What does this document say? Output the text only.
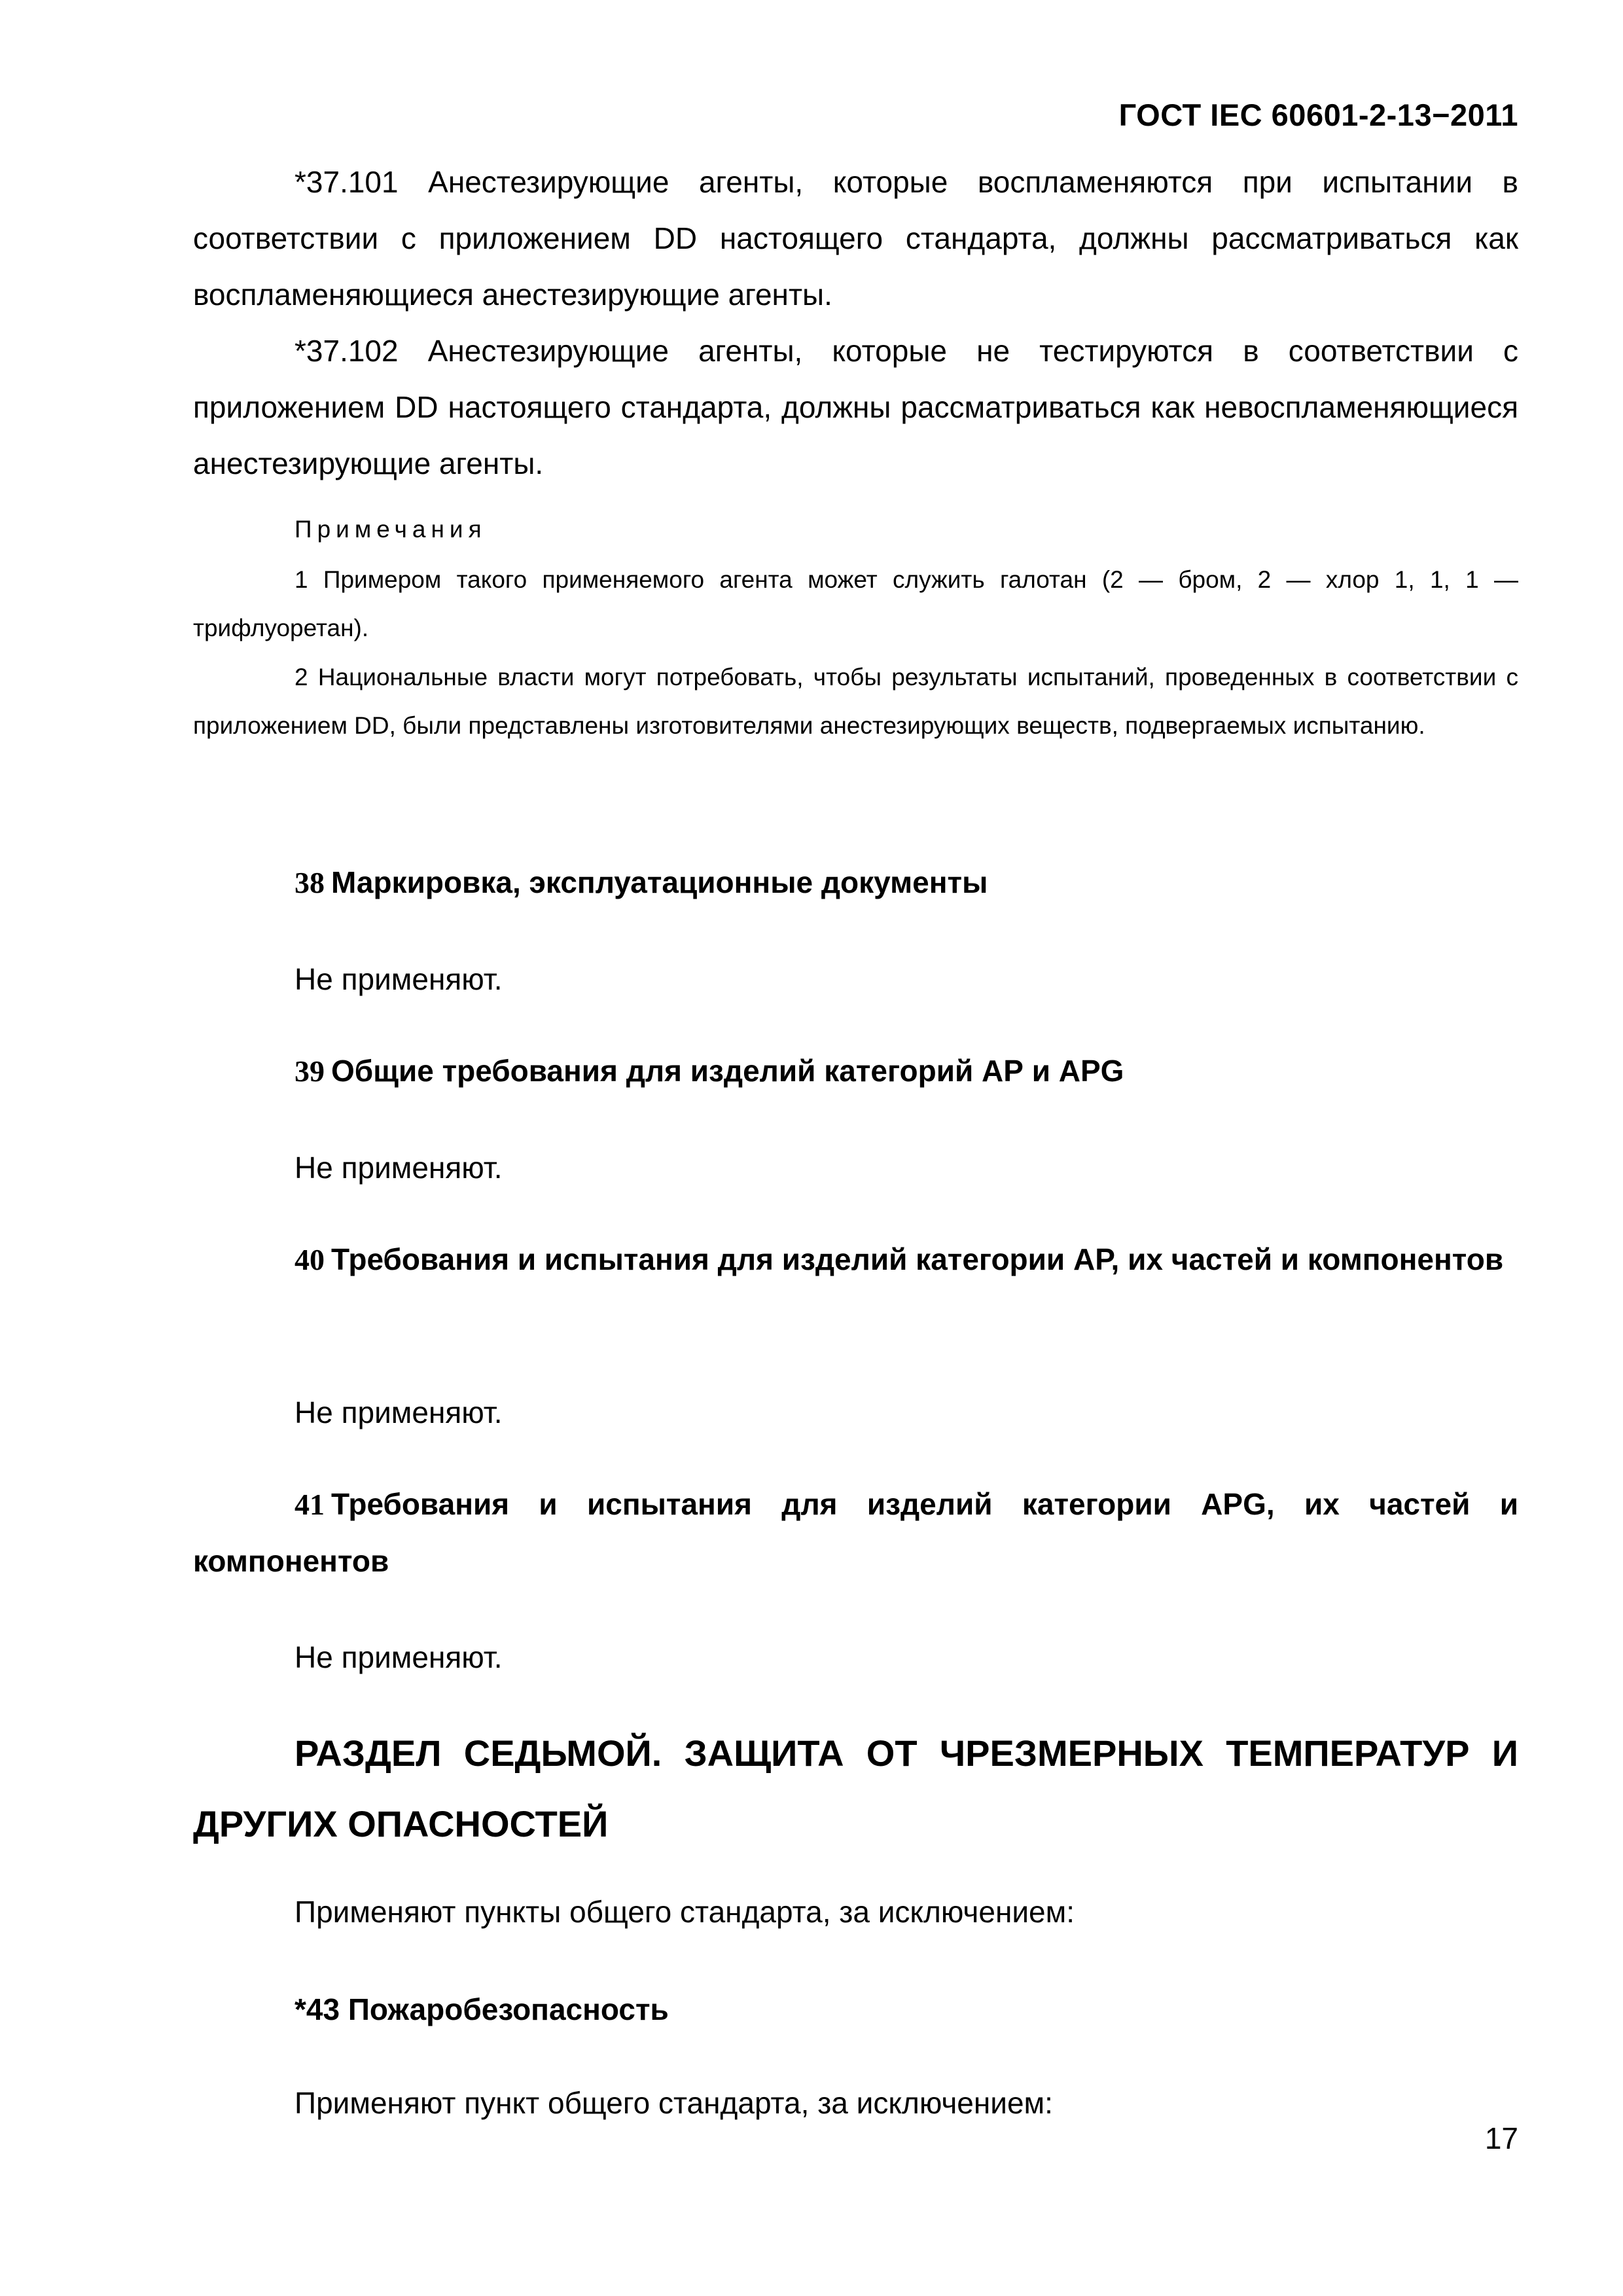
ГОСТ IEC 60601-2-13−2011

*37.101 Анестезирующие агенты, которые воспламеняются при испытании в соответствии с приложением DD настоящего стандарта, должны рассматриваться как воспламеняющиеся анестезирующие агенты.

*37.102 Анестезирующие агенты, которые не тестируются в соответствии с приложением DD настоящего стандарта, должны рассматриваться как невоспламеняющиеся анестезирующие агенты.

Примечания

1 Примером такого применяемого агента может служить галотан (2 — бром, 2 — хлор 1, 1, 1 — трифлуоретан).

2 Национальные власти могут потребовать, чтобы результаты испытаний, проведенных в соответствии с приложением DD, были представлены изготовителями анестезирующих веществ, подвергаемых испытанию.

38 Маркировка, эксплуатационные документы

Не применяют.

39 Общие требования для изделий категорий АР и APG

Не применяют.

40 Требования и испытания для изделий категории АР, их частей и компонентов

Не применяют.

41 Требования и испытания для изделий категории APG, их частей и компонентов

Не применяют.

РАЗДЕЛ СЕДЬМОЙ. ЗАЩИТА ОТ ЧРЕЗМЕРНЫХ ТЕМПЕРАТУР И ДРУГИХ ОПАСНОСТЕЙ

Применяют пункты общего стандарта, за исключением:

*43 Пожаробезопасность

Применяют пункт общего стандарта, за исключением:

17
